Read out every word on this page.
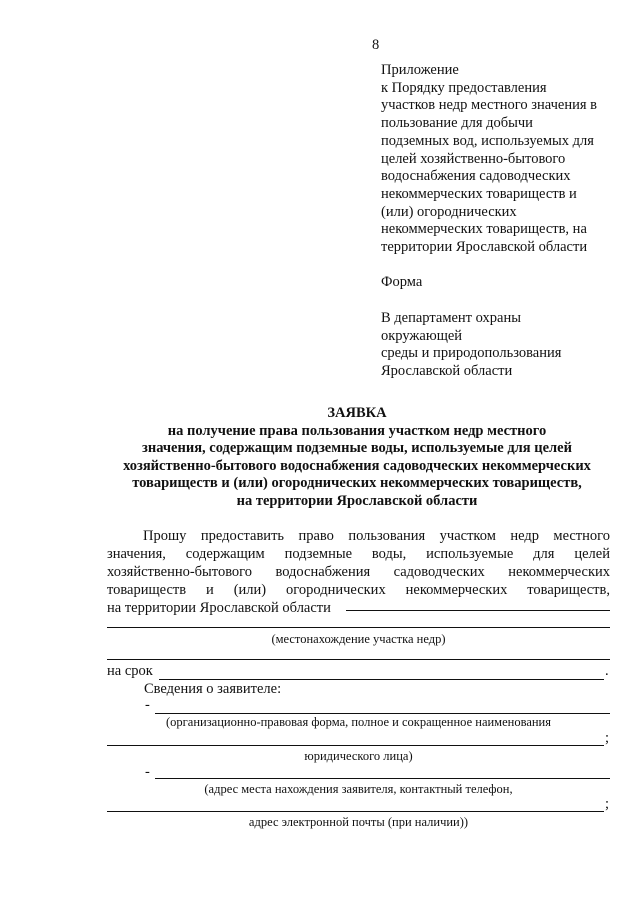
8
Приложение
к Порядку предоставления
участков недр местного значения в
пользование для добычи
подземных вод, используемых для
целей хозяйственно-бытового
водоснабжения садоводческих
некоммерческих товариществ и
(или) огороднических
некоммерческих товариществ, на
территории Ярославской области
Форма
В департамент охраны
окружающей
среды и природопользования
Ярославской области
ЗАЯВКА
на получение права пользования участком недр местного
значения, содержащим подземные воды, используемые для целей
хозяйственно-бытового водоснабжения садоводческих некоммерческих
товариществ и (или) огороднических некоммерческих товариществ,
на территории Ярославской области
Прошу предоставить право пользования участком недр местного
значения, содержащим подземные воды, используемые для целей
хозяйственно-бытового водоснабжения садоводческих некоммерческих
товариществ и (или) огороднических некоммерческих товариществ,
на территории Ярославской области
(местонахождение участка недр)
на срок	.
Сведения о заявителе:
-
(организационно-правовая форма, полное и сокращенное наименования
;
юридического лица)
-
(адрес места нахождения заявителя, контактный телефон,
;
адрес электронной почты (при наличии))
